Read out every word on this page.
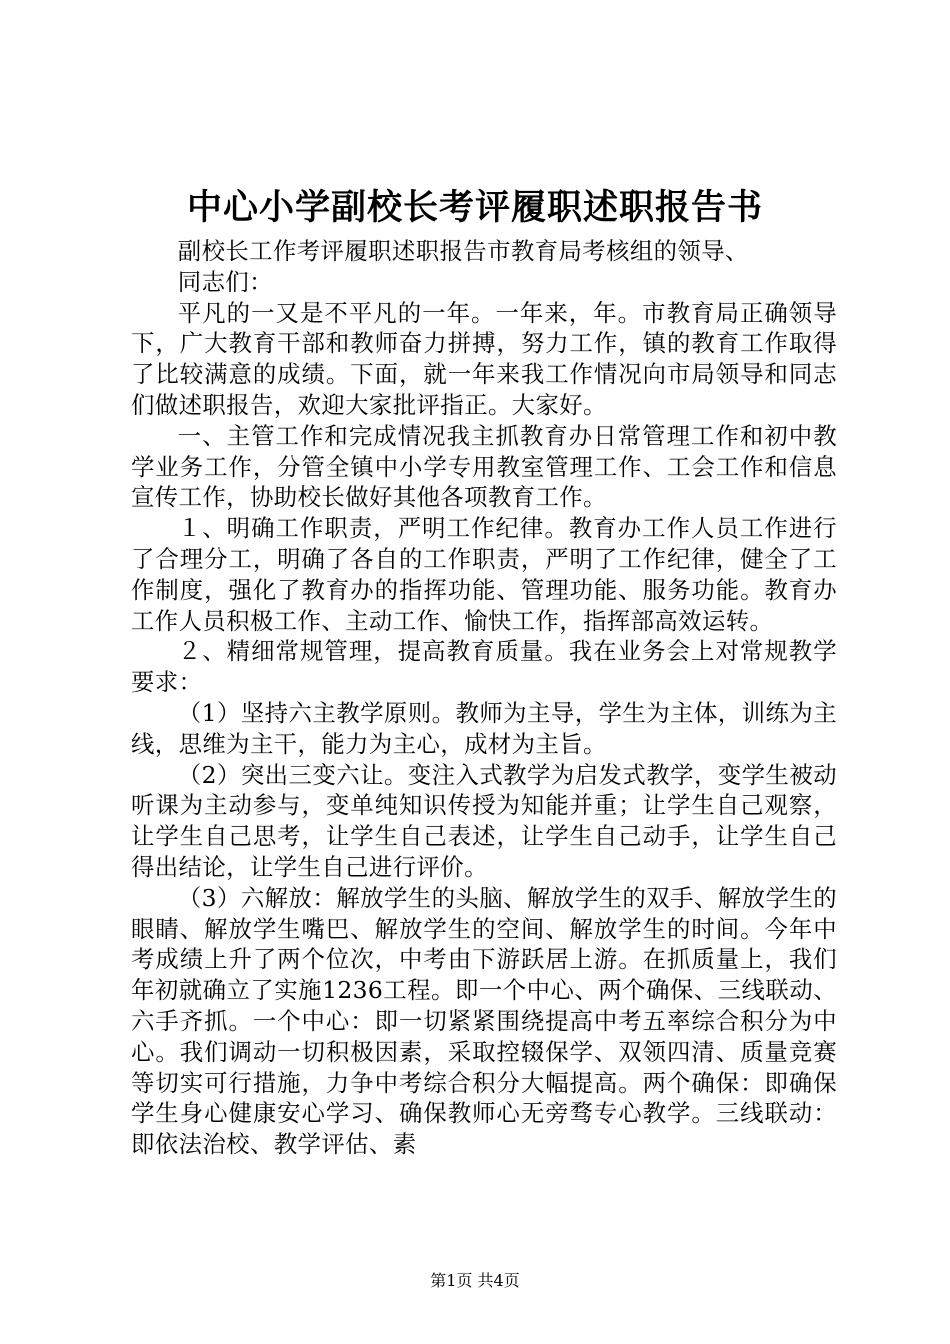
中心小学副校长考评履职述职报告书

副校长工作考评履职述职报告市教育局考核组的领导、

同志们：

平凡的一又是不平凡的一年。一年来，年。市教育局正确领导下，广大教育干部和教师奋力拼搏，努力工作，镇的教育工作取得了比较满意的成绩。下面，就一年来我工作情况向市局领导和同志们做述职报告，欢迎大家批评指正。大家好。

一、主管工作和完成情况我主抓教育办日常管理工作和初中教学业务工作，分管全镇中小学专用教室管理工作、工会工作和信息宣传工作，协助校长做好其他各项教育工作。

１、明确工作职责，严明工作纪律。教育办工作人员工作进行了合理分工，明确了各自的工作职责，严明了工作纪律，健全了工作制度，强化了教育办的指挥功能、管理功能、服务功能。教育办工作人员积极工作、主动工作、愉快工作，指挥部高效运转。

２、精细常规管理，提高教育质量。我在业务会上对常规教学要求：

（1）坚持六主教学原则。教师为主导，学生为主体，训练为主线，思维为主干，能力为主心，成材为主旨。

（2）突出三变六让。变注入式教学为启发式教学，变学生被动听课为主动参与，变单纯知识传授为知能并重；让学生自己观察，让学生自己思考，让学生自己表述，让学生自己动手，让学生自己得出结论，让学生自己进行评价。

（3）六解放：解放学生的头脑、解放学生的双手、解放学生的眼睛、解放学生嘴巴、解放学生的空间、解放学生的时间。今年中考成绩上升了两个位次，中考由下游跃居上游。在抓质量上，我们年初就确立了实施1236工程。即一个中心、两个确保、三线联动、六手齐抓。一个中心：即一切紧紧围绕提高中考五率综合积分为中心。我们调动一切积极因素，采取控辍保学、双领四清、质量竞赛等切实可行措施，力争中考综合积分大幅提高。两个确保：即确保学生身心健康安心学习、确保教师心无旁骛专心教学。三线联动：即依法治校、教学评估、素

第1页 共4页
